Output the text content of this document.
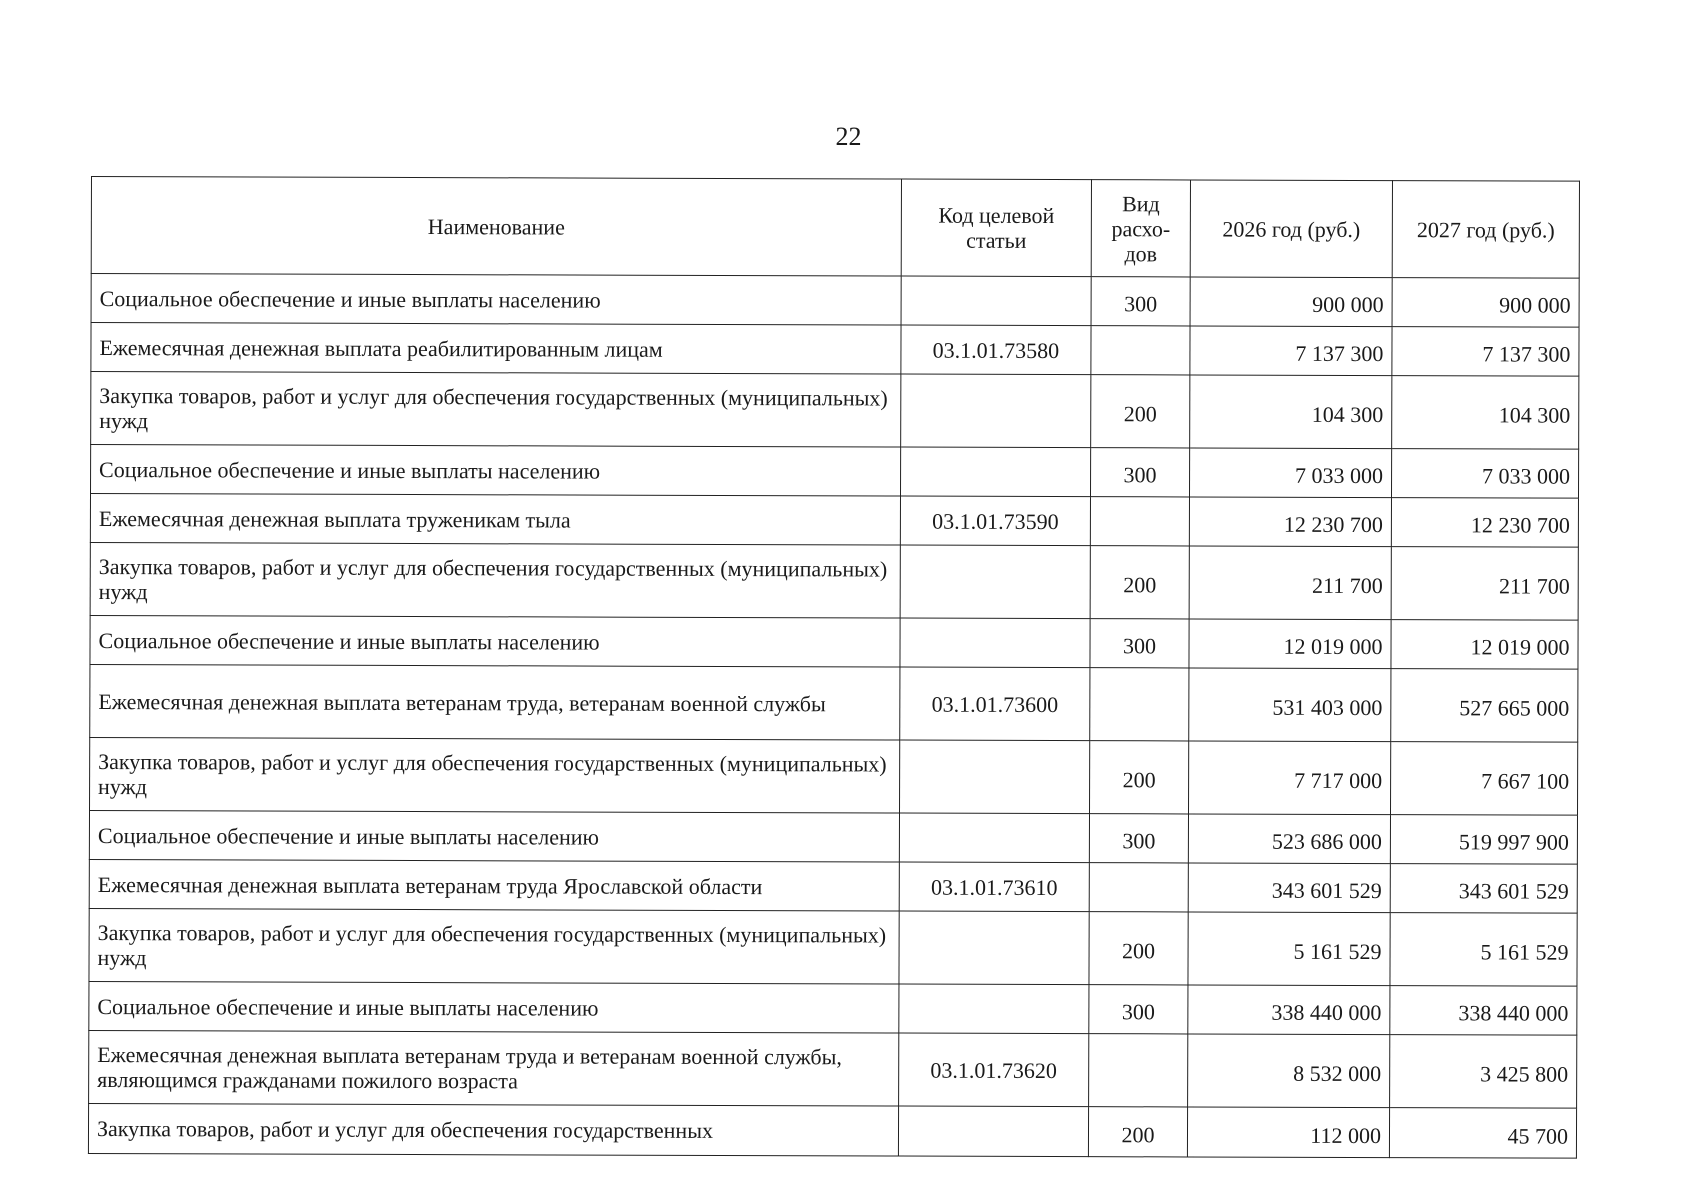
22
Наименование	Код целевой статьи	Вид расхо-дов	2026 год (руб.)	2027 год (руб.)
Социальное обеспечение и иные выплаты населению		300	900 000	900 000
Ежемесячная денежная выплата реабилитированным лицам	03.1.01.73580		7 137 300	7 137 300
Закупка товаров, работ и услуг для обеспечения государственных (муниципальных) нужд		200	104 300	104 300
Социальное обеспечение и иные выплаты населению		300	7 033 000	7 033 000
Ежемесячная денежная выплата труженикам тыла	03.1.01.73590		12 230 700	12 230 700
Закупка товаров, работ и услуг для обеспечения государственных (муниципальных) нужд		200	211 700	211 700
Социальное обеспечение и иные выплаты населению		300	12 019 000	12 019 000
Ежемесячная денежная выплата ветеранам труда, ветеранам военной службы	03.1.01.73600		531 403 000	527 665 000
Закупка товаров, работ и услуг для обеспечения государственных (муниципальных) нужд		200	7 717 000	7 667 100
Социальное обеспечение и иные выплаты населению		300	523 686 000	519 997 900
Ежемесячная денежная выплата ветеранам труда Ярославской области	03.1.01.73610		343 601 529	343 601 529
Закупка товаров, работ и услуг для обеспечения государственных (муниципальных) нужд		200	5 161 529	5 161 529
Социальное обеспечение и иные выплаты населению		300	338 440 000	338 440 000
Ежемесячная денежная выплата ветеранам труда и ветеранам военной службы, являющимся гражданами пожилого возраста	03.1.01.73620		8 532 000	3 425 800
Закупка товаров, работ и услуг для обеспечения государственных		200	112 000	45 700
